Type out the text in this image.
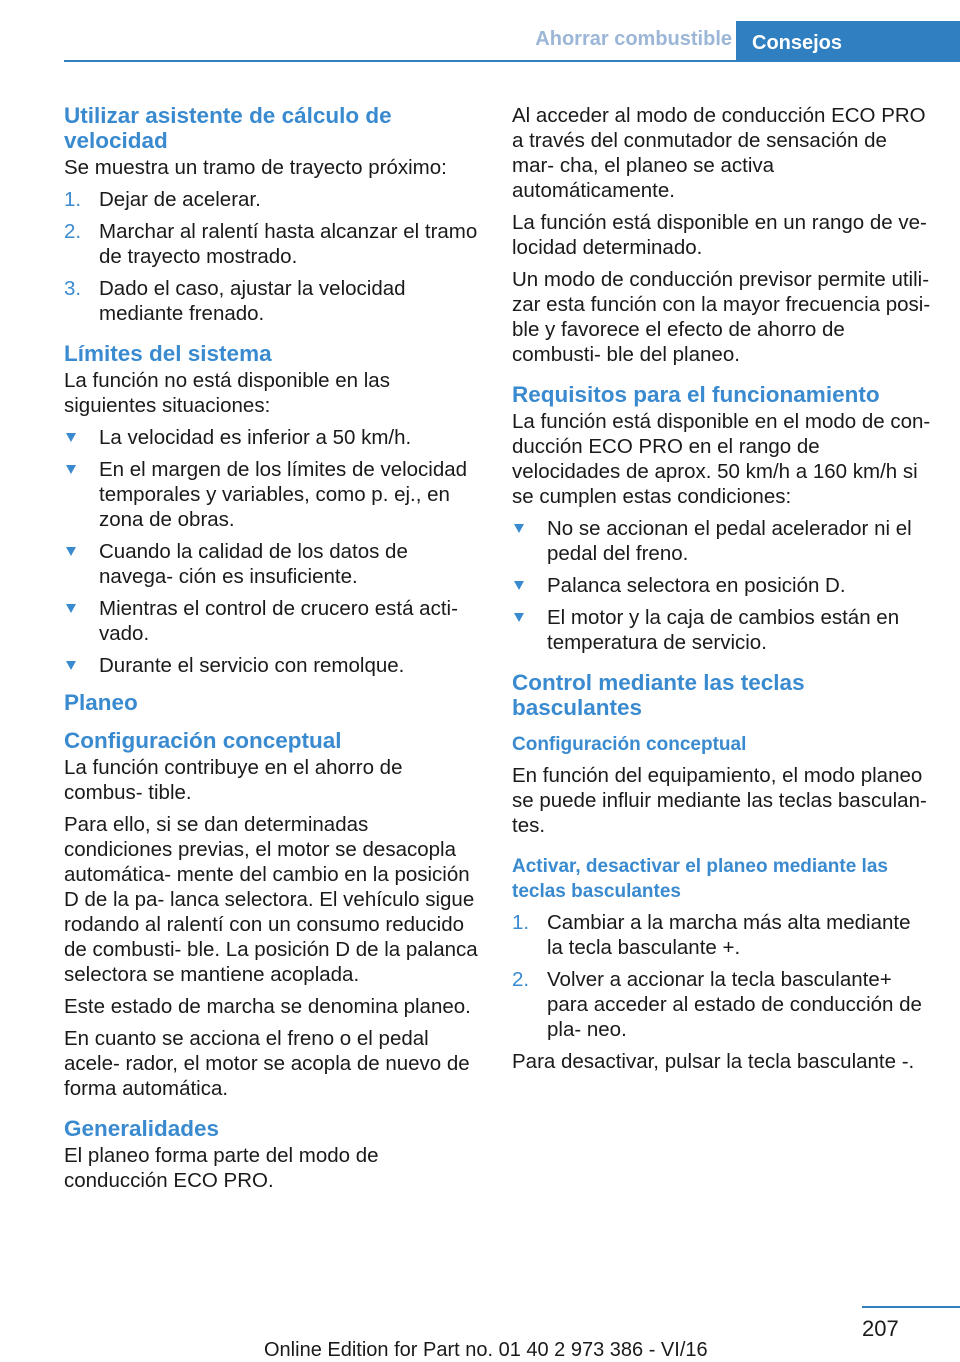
Ahorrar combustible	Consejos
Utilizar asistente de cálculo de velocidad

Se muestra un tramo de trayecto próximo:

1. Dejar de acelerar.
2. Marchar al ralentí hasta alcanzar el tramo de trayecto mostrado.
3. Dado el caso, ajustar la velocidad mediante frenado.
Límites del sistema

La función no está disponible en las siguientes situaciones:

La velocidad es inferior a 50 km/h.
En el margen de los límites de velocidad temporales y variables, como p. ej., en zona de obras.
Cuando la calidad de los datos de navega‐ ción es insuficiente.
Mientras el control de crucero está acti‐ vado.
Durante el servicio con remolque.
Planeo
Configuración conceptual

La función contribuye en el ahorro de combus‐ tible.

Para ello, si se dan determinadas condiciones previas, el motor se desacopla automática‐ mente del cambio en la posición D de la pa‐ lanca selectora. El vehículo sigue rodando al ralentí con un consumo reducido de combusti‐ ble. La posición D de la palanca selectora se mantiene acoplada.

Este estado de marcha se denomina planeo.

En cuanto se acciona el freno o el pedal acele‐ rador, el motor se acopla de nuevo de forma automática.

Generalidades

El planeo forma parte del modo de conducción ECO PRO.

Al acceder al modo de conducción ECO PRO a través del conmutador de sensación de mar‐ cha, el planeo se activa automáticamente.

La función está disponible en un rango de ve‐ locidad determinado.

Un modo de conducción previsor permite utili‐ zar esta función con la mayor frecuencia posi‐ ble y favorece el efecto de ahorro de combusti‐ ble del planeo.

Requisitos para el funcionamiento

La función está disponible en el modo de con‐ ducción ECO PRO en el rango de velocidades de aprox. 50 km/h a 160 km/h si se cumplen estas condiciones:

No se accionan el pedal acelerador ni el pedal del freno.
Palanca selectora en posición D.
El motor y la caja de cambios están en temperatura de servicio.
Control mediante las teclas basculantes
Configuración conceptual

En función del equipamiento, el modo planeo se puede influir mediante las teclas basculan‐ tes.

Activar, desactivar el planeo mediante las teclas basculantes
1. Cambiar a la marcha más alta mediante la tecla basculante +.
2. Volver a accionar la tecla basculante+ para acceder al estado de conducción de pla‐ neo.

Para desactivar, pulsar la tecla basculante -.

207
Online Edition for Part no. 01 40 2 973 386 - VI/16
